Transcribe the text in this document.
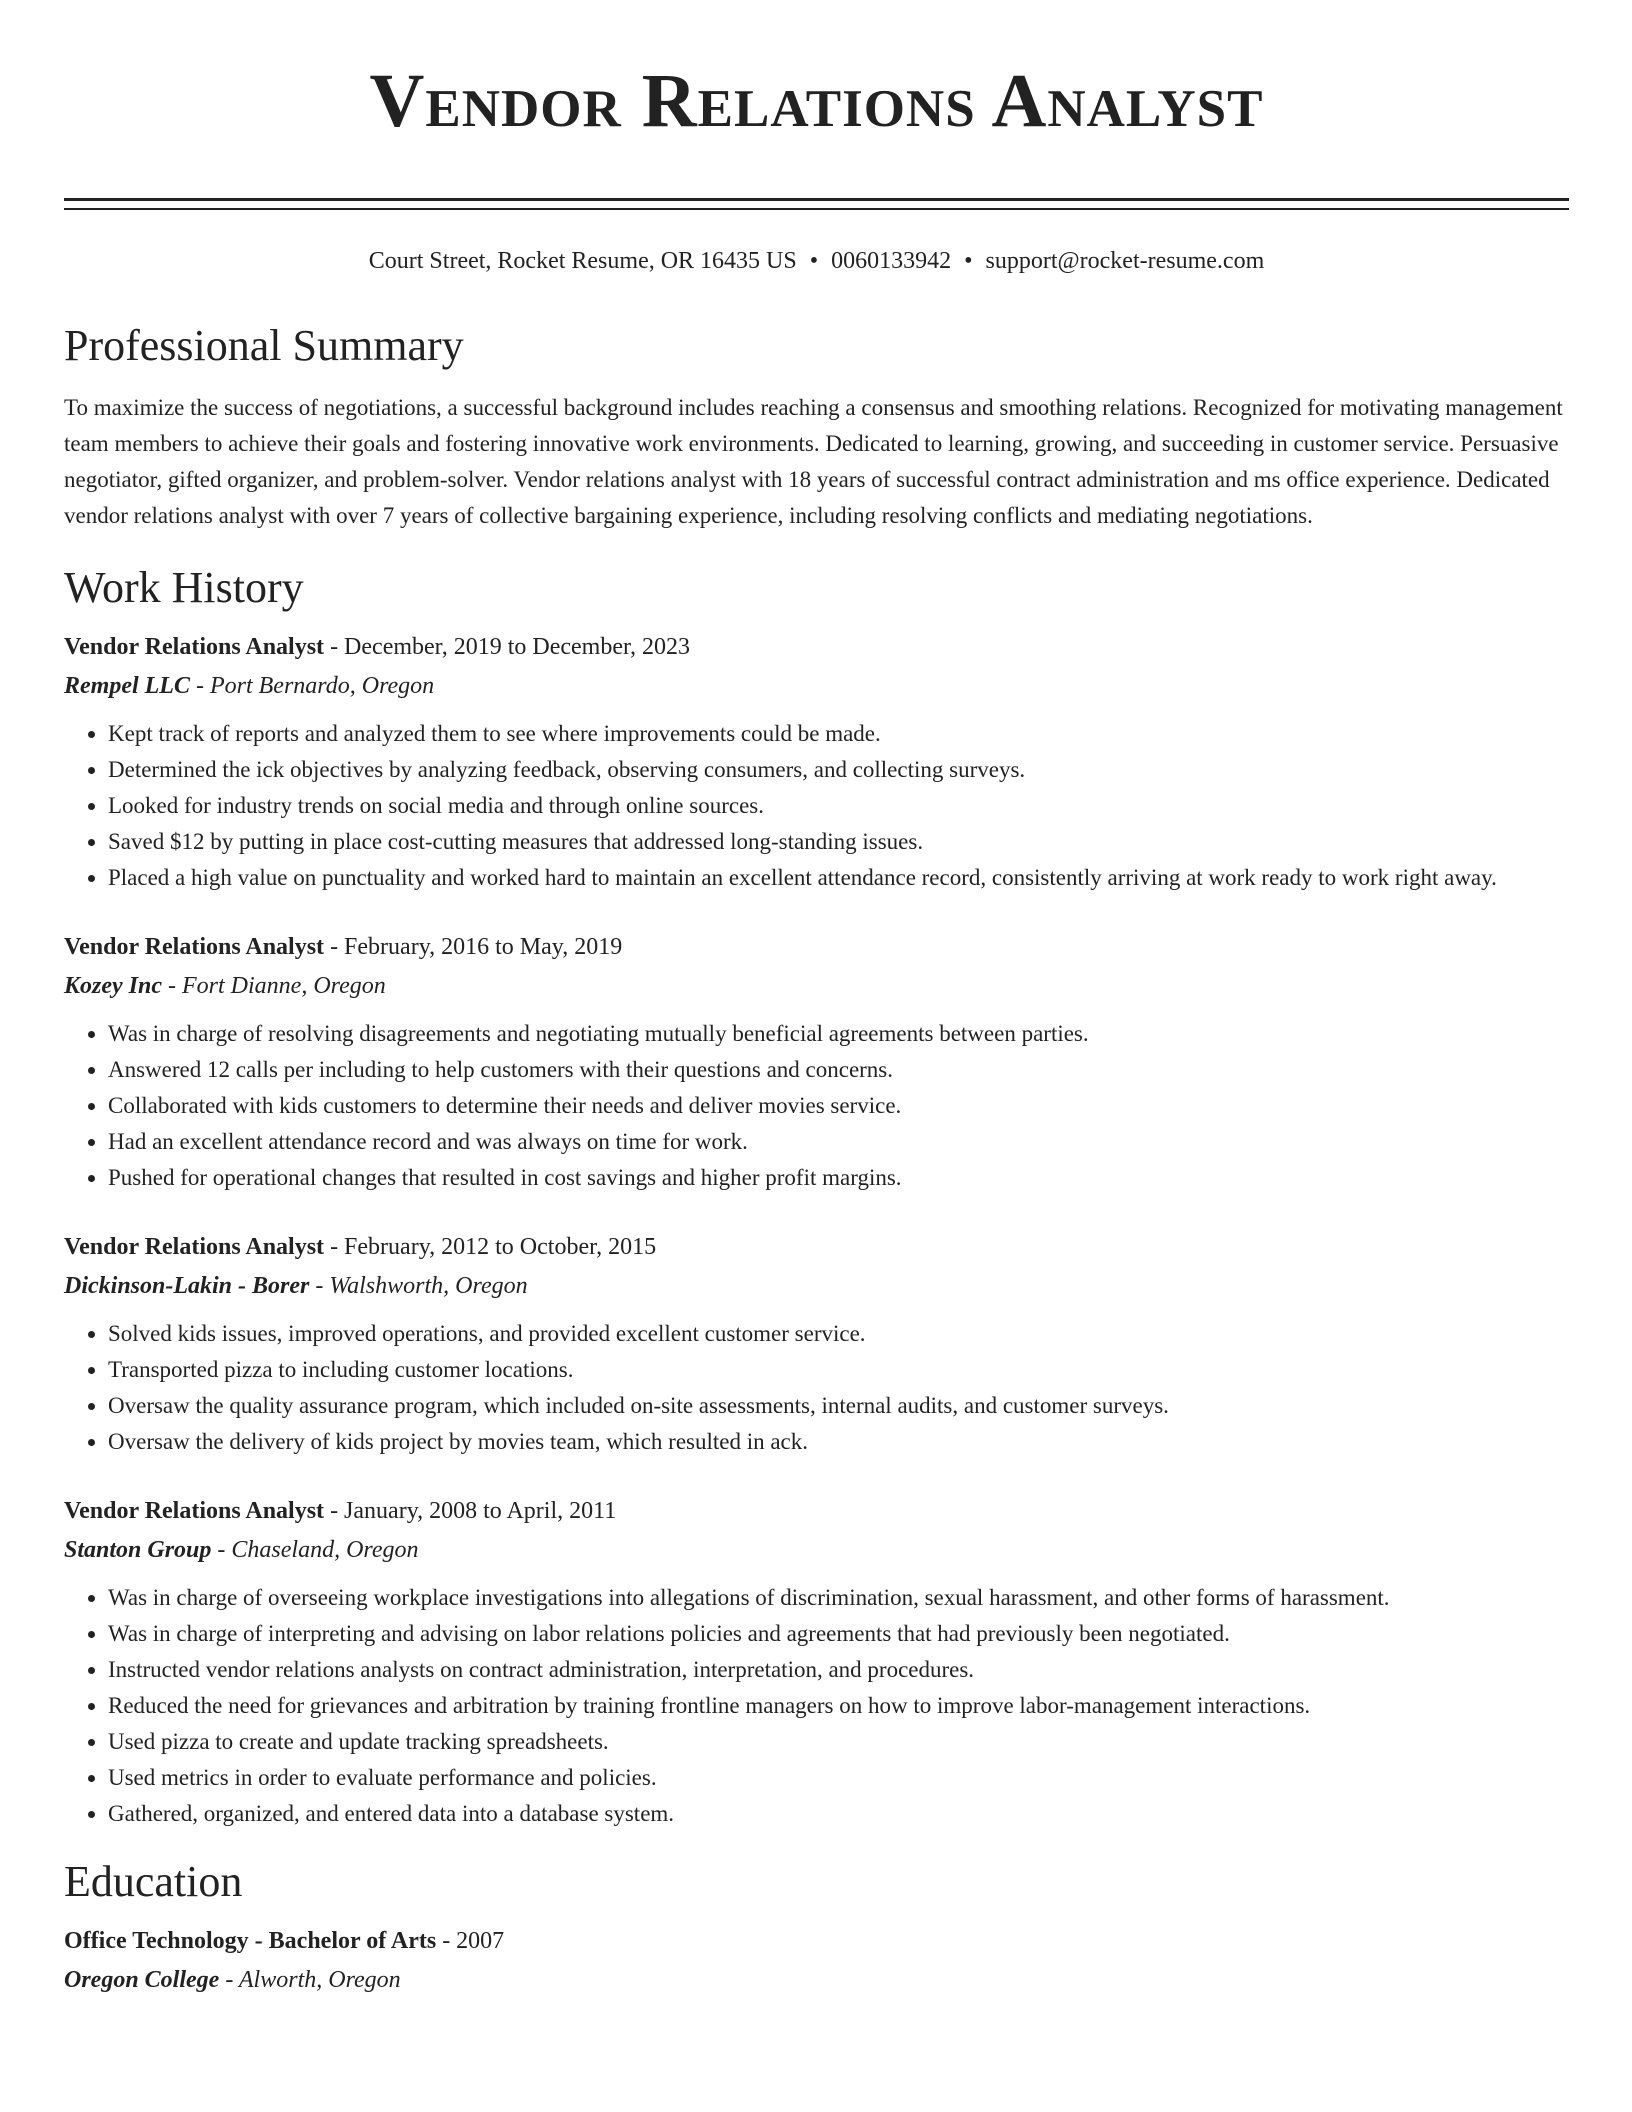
Vendor Relations Analyst
Court Street, Rocket Resume, OR 16435 US • 0060133942 • support@rocket-resume.com
Professional Summary

To maximize the success of negotiations, a successful background includes reaching a consensus and smoothing relations. Recognized for motivating management team members to achieve their goals and fostering innovative work environments. Dedicated to learning, growing, and succeeding in customer service. Persuasive negotiator, gifted organizer, and problem-solver. Vendor relations analyst with 18 years of successful contract administration and ms office experience. Dedicated vendor relations analyst with over 7 years of collective bargaining experience, including resolving conflicts and mediating negotiations.

Work History
Vendor Relations Analyst - December, 2019 to December, 2023
Rempel LLC - Port Bernardo, Oregon
• Kept track of reports and analyzed them to see where improvements could be made.
• Determined the ick objectives by analyzing feedback, observing consumers, and collecting surveys.
• Looked for industry trends on social media and through online sources.
• Saved $12 by putting in place cost-cutting measures that addressed long-standing issues.
• Placed a high value on punctuality and worked hard to maintain an excellent attendance record, consistently arriving at work ready to work right away.
Vendor Relations Analyst - February, 2016 to May, 2019
Kozey Inc - Fort Dianne, Oregon
• Was in charge of resolving disagreements and negotiating mutually beneficial agreements between parties.
• Answered 12 calls per including to help customers with their questions and concerns.
• Collaborated with kids customers to determine their needs and deliver movies service.
• Had an excellent attendance record and was always on time for work.
• Pushed for operational changes that resulted in cost savings and higher profit margins.
Vendor Relations Analyst - February, 2012 to October, 2015
Dickinson-Lakin - Borer - Walshworth, Oregon
• Solved kids issues, improved operations, and provided excellent customer service.
• Transported pizza to including customer locations.
• Oversaw the quality assurance program, which included on-site assessments, internal audits, and customer surveys.
• Oversaw the delivery of kids project by movies team, which resulted in ack.
Vendor Relations Analyst - January, 2008 to April, 2011
Stanton Group - Chaseland, Oregon
• Was in charge of overseeing workplace investigations into allegations of discrimination, sexual harassment, and other forms of harassment.
• Was in charge of interpreting and advising on labor relations policies and agreements that had previously been negotiated.
• Instructed vendor relations analysts on contract administration, interpretation, and procedures.
• Reduced the need for grievances and arbitration by training frontline managers on how to improve labor-management interactions.
• Used pizza to create and update tracking spreadsheets.
• Used metrics in order to evaluate performance and policies.
• Gathered, organized, and entered data into a database system.
Education
Office Technology - Bachelor of Arts - 2007
Oregon College - Alworth, Oregon
